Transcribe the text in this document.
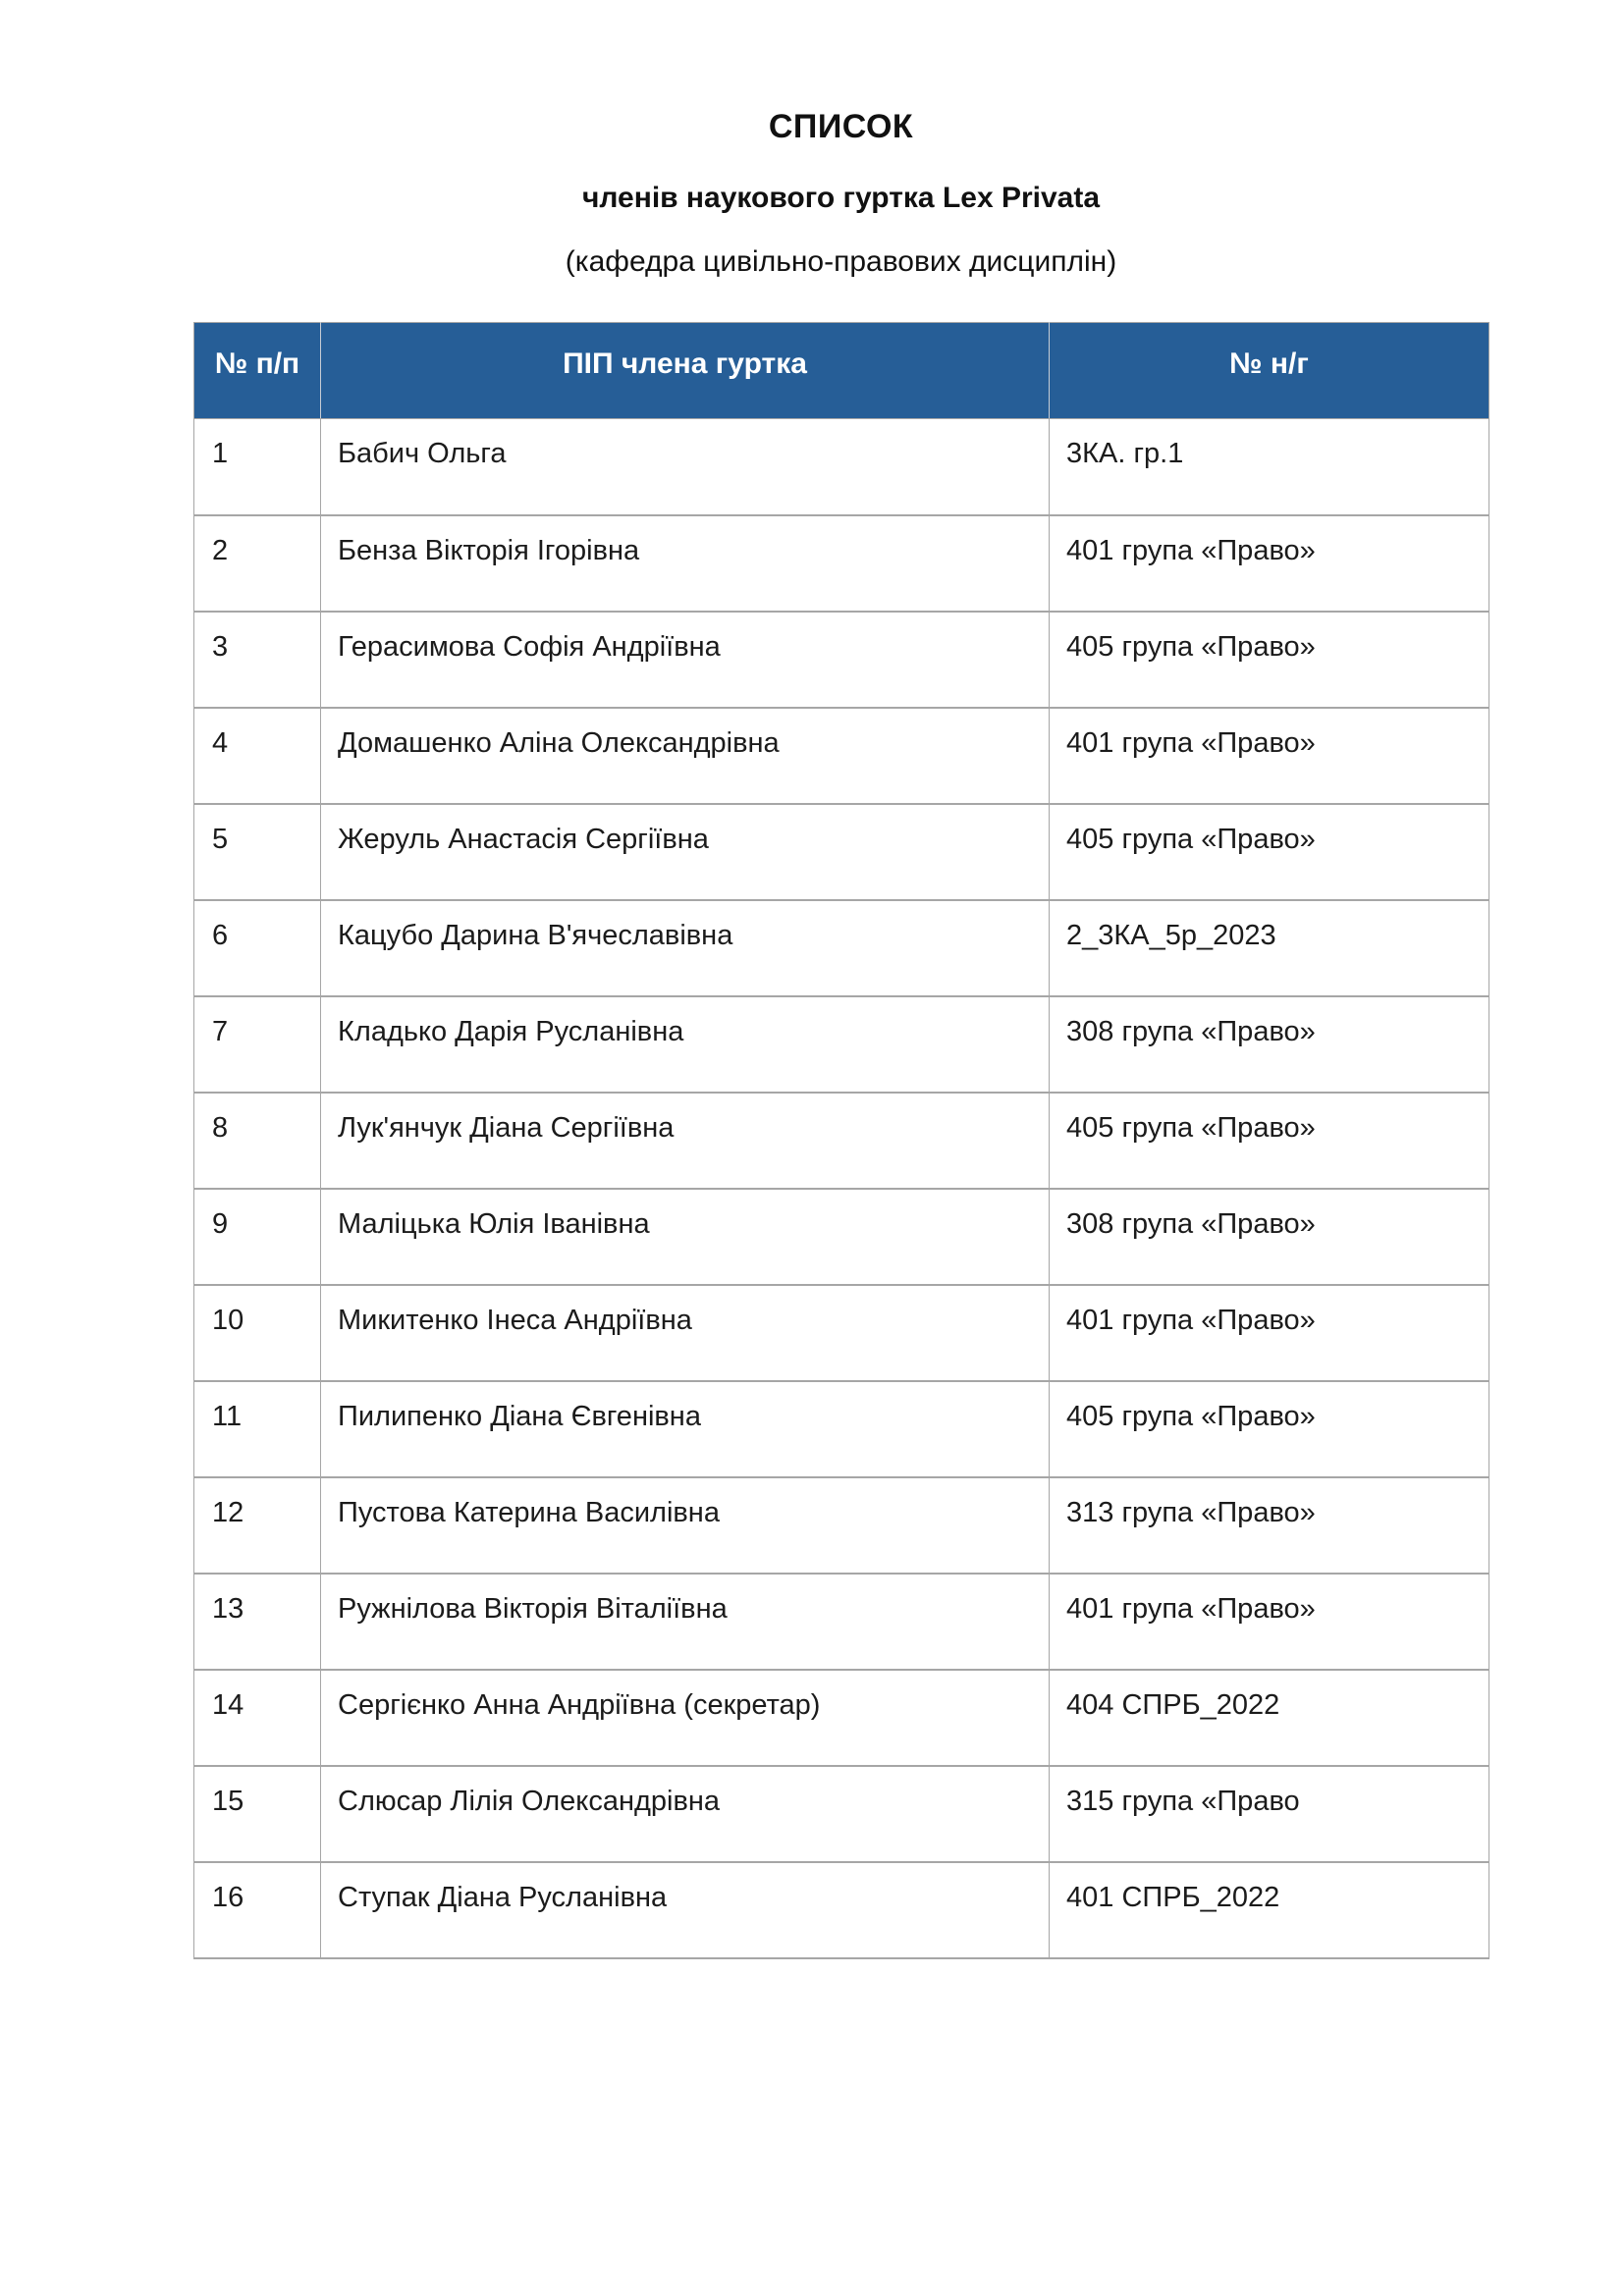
СПИСОК
членів наукового гуртка Lex Privata

(кафедра цивільно-правових дисциплін)

№ п/п	ПІП члена гуртка	№ н/г
1	Бабич Ольга	3КА. гр.1
2	Бенза Вікторія Ігорівна	401 група «Право»
3	Герасимова Софія Андріївна	405 група «Право»
4	Домашенко Аліна Олександрівна	401 група «Право»
5	Жеруль Анастасія Сергіївна	405 група «Право»
6	Кацубо Дарина В'ячеславівна	2_3КА_5р_2023
7	Кладько Дарія Русланівна	308 група «Право»
8	Лук'янчук Діана Сергіївна	405 група «Право»
9	Маліцька Юлія Іванівна	308 група «Право»
10	Микитенко Інеса Андріївна	401 група «Право»
11	Пилипенко Діана Євгенівна	405 група «Право»
12	Пустова Катерина Василівна	313 група «Право»
13	Ружнілова Вікторія Віталіївна	401 група «Право»
14	Сергієнко Анна Андріївна (секретар)	404 СПРБ_2022
15	Слюсар Лілія Олександрівна	315 група «Право
16	Ступак Діана Русланівна	401 СПРБ_2022
